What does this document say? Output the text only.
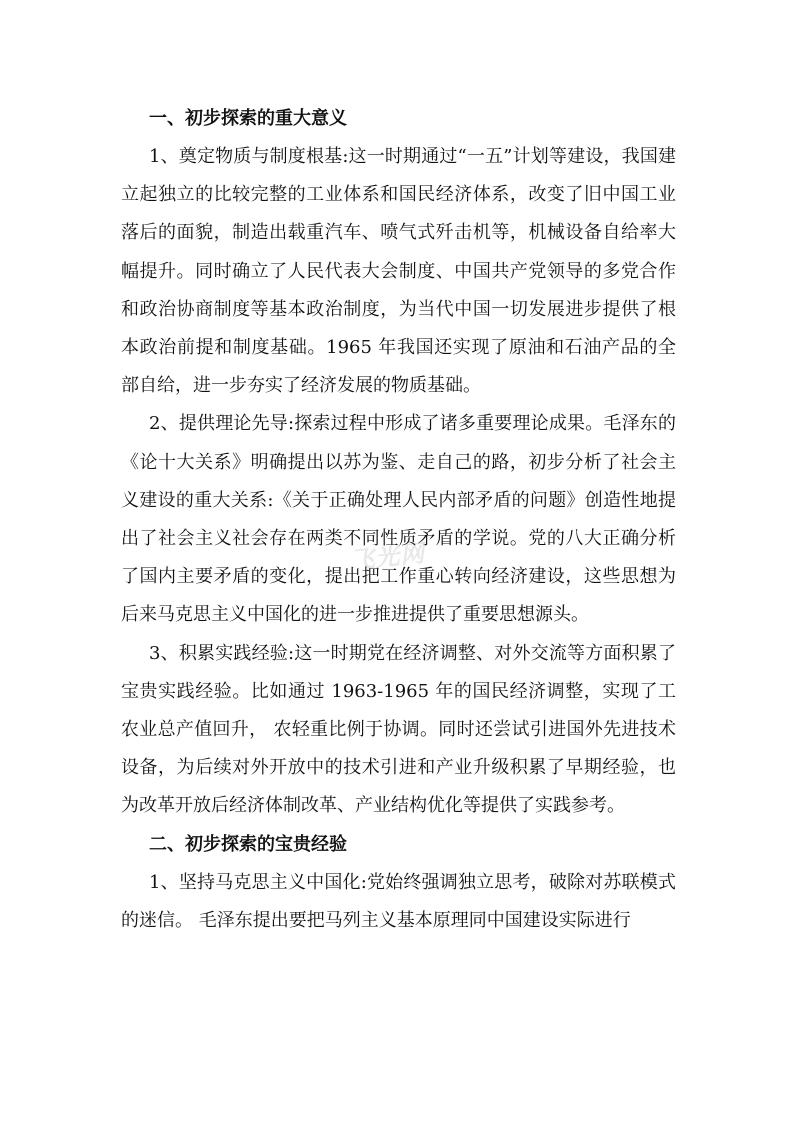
一、初步探索的重大意义

1、奠定物质与制度根基:这一时期通过“一五”计划等建设，我国建立起独立的比较完整的工业体系和国民经济体系，改变了旧中国工业落后的面貌，制造出载重汽车、喷气式歼击机等，机械设备自给率大幅提升。同时确立了人民代表大会制度、中国共产党领导的多党合作和政治协商制度等基本政治制度，为当代中国一切发展进步提供了根本政治前提和制度基础。1965 年我国还实现了原油和石油产品的全部自给，进一步夯实了经济发展的物质基础。

2、提供理论先导:探索过程中形成了诸多重要理论成果。毛泽东的《论十大关系》明确提出以苏为鉴、走自己的路，初步分析了社会主义建设的重大关系:《关于正确处理人民内部矛盾的问题》创造性地提出了社会主义社会存在两类不同性质矛盾的学说。党的八大正确分析了国内主要矛盾的变化，提出把工作重心转向经济建设，这些思想为后来马克思主义中国化的进一步推进提供了重要思想源头。

3、积累实践经验:这一时期党在经济调整、对外交流等方面积累了宝贵实践经验。比如通过 1963-1965 年的国民经济调整，实现了工农业总产值回升， 农轻重比例于协调。同时还尝试引进国外先进技术设备，为后续对外开放中的技术引进和产业升级积累了早期经验，也为改革开放后经济体制改革、产业结构优化等提供了实践参考。

二、初步探索的宝贵经验

1、坚持马克思主义中国化:党始终强调独立思考，破除对苏联模式的迷信。 毛泽东提出要把马列主义基本原理同中国建设实际进行

飞光网
